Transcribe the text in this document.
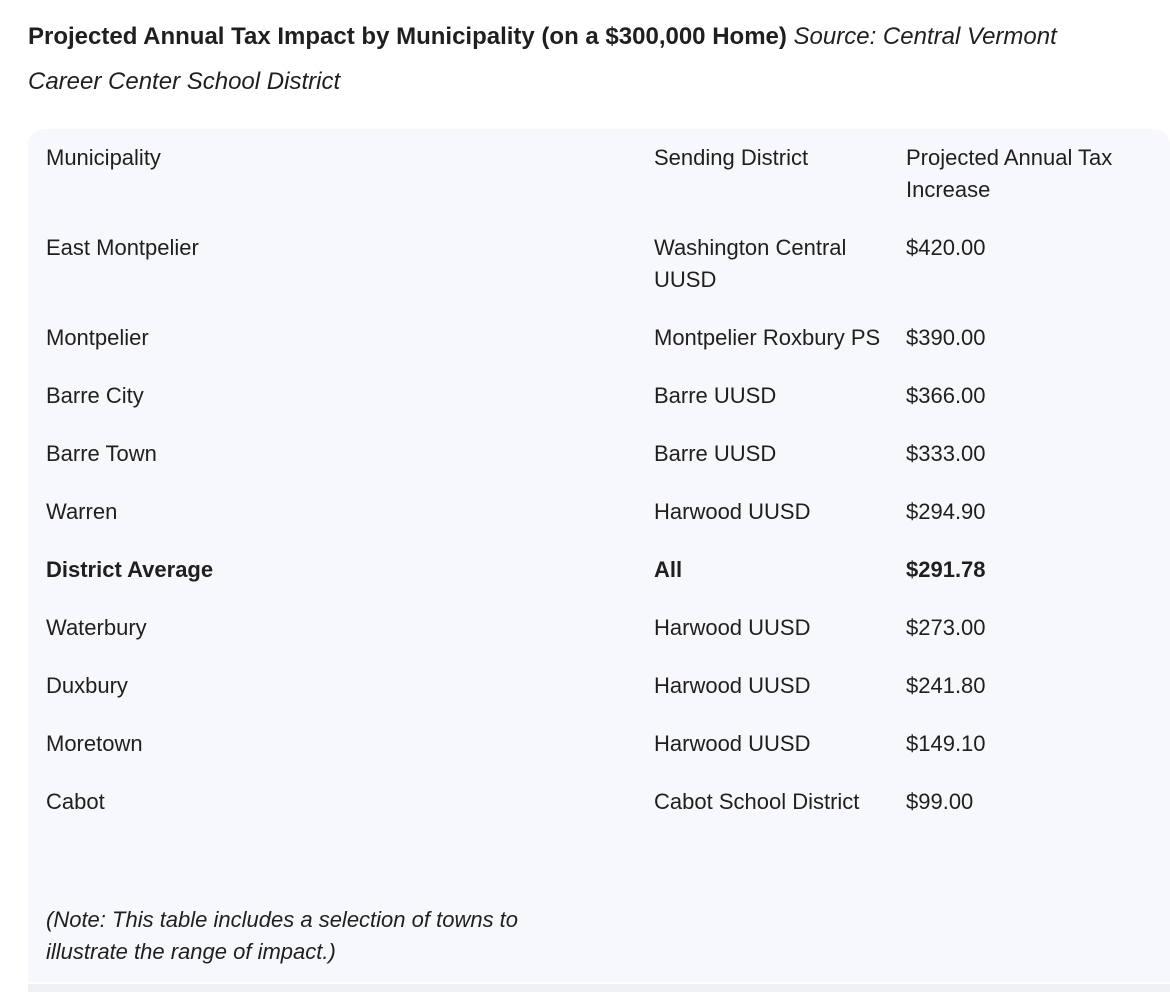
Projected Annual Tax Impact by Municipality (on a $300,000 Home) Source: Central Vermont Career Center School District

Municipality	Sending District	Projected Annual Tax Increase
East Montpelier	Washington Central UUSD	$420.00
Montpelier	Montpelier Roxbury PS	$390.00
Barre City	Barre UUSD	$366.00
Barre Town	Barre UUSD	$333.00
Warren	Harwood UUSD	$294.90
District Average	All	$291.78
Waterbury	Harwood UUSD	$273.00
Duxbury	Harwood UUSD	$241.80
Moretown	Harwood UUSD	$149.10
Cabot	Cabot School District	$99.00
(Note: This table includes a selection of towns to illustrate the range of impact.)
